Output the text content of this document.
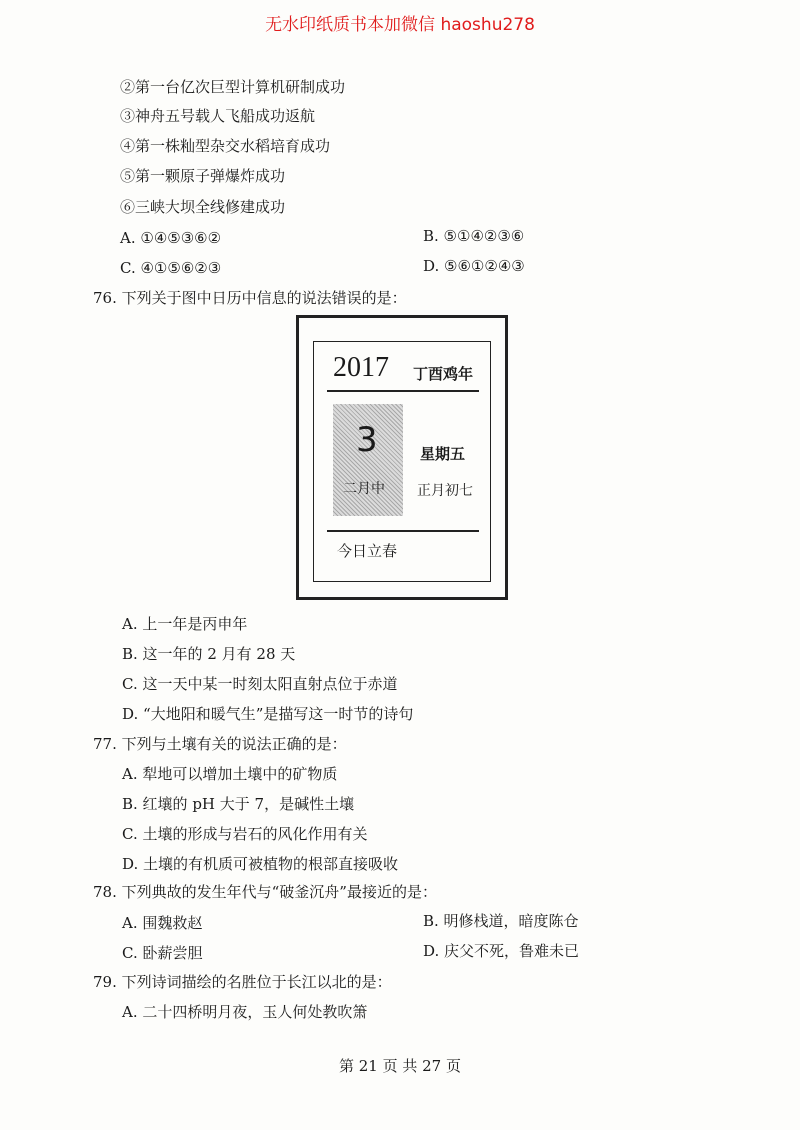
无水印纸质书本加微信 haoshu278
②第一台亿次巨型计算机研制成功
③神舟五号载人飞船成功返航
④第一株籼型杂交水稻培育成功
⑤第一颗原子弹爆炸成功
⑥三峡大坝全线修建成功
A. ①④⑤③⑥②	B. ⑤①④②③⑥
C. ④①⑤⑥②③	D. ⑤⑥①②④③
76. 下列关于图中日历中信息的说法错误的是：
2017 丁酉鸡年
3
二月中
星期五
正月初七
今日立春
A. 上一年是丙申年
B. 这一年的 2 月有 28 天
C. 这一天中某一时刻太阳直射点位于赤道
D. “大地阳和暖气生”是描写这一时节的诗句
77. 下列与土壤有关的说法正确的是：
A. 犁地可以增加土壤中的矿物质
B. 红壤的 pH 大于 7，是碱性土壤
C. 土壤的形成与岩石的风化作用有关
D. 土壤的有机质可被植物的根部直接吸收
78. 下列典故的发生年代与“破釜沉舟”最接近的是：
A. 围魏救赵	B. 明修栈道，暗度陈仓
C. 卧薪尝胆	D. 庆父不死，鲁难未已
79. 下列诗词描绘的名胜位于长江以北的是：
A. 二十四桥明月夜，玉人何处教吹箫
第 21 页 共 27 页
